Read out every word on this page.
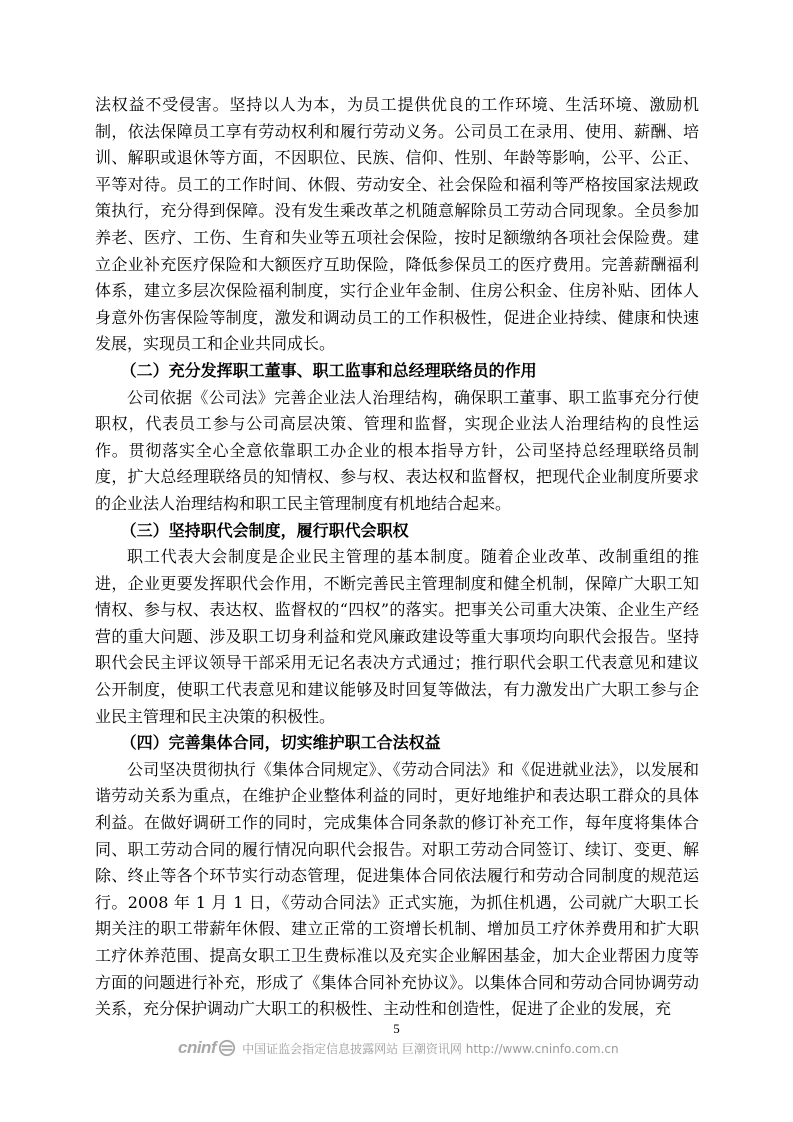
法权益不受侵害。坚持以人为本，为员工提供优良的工作环境、生活环境、激励机制，依法保障员工享有劳动权利和履行劳动义务。公司员工在录用、使用、薪酬、培训、解职或退休等方面，不因职位、民族、信仰、性别、年龄等影响，公平、公正、平等对待。员工的工作时间、休假、劳动安全、社会保险和福利等严格按国家法规政策执行，充分得到保障。没有发生乘改革之机随意解除员工劳动合同现象。全员参加养老、医疗、工伤、生育和失业等五项社会保险，按时足额缴纳各项社会保险费。建立企业补充医疗保险和大额医疗互助保险，降低参保员工的医疗费用。完善薪酬福利体系，建立多层次保险福利制度，实行企业年金制、住房公积金、住房补贴、团体人身意外伤害保险等制度，激发和调动员工的工作积极性，促进企业持续、健康和快速发展，实现员工和企业共同成长。

（二）充分发挥职工董事、职工监事和总经理联络员的作用

公司依据《公司法》完善企业法人治理结构，确保职工董事、职工监事充分行使职权，代表员工参与公司高层决策、管理和监督，实现企业法人治理结构的良性运作。贯彻落实全心全意依靠职工办企业的根本指导方针，公司坚持总经理联络员制度，扩大总经理联络员的知情权、参与权、表达权和监督权，把现代企业制度所要求的企业法人治理结构和职工民主管理制度有机地结合起来。

（三）坚持职代会制度，履行职代会职权

职工代表大会制度是企业民主管理的基本制度。随着企业改革、改制重组的推进，企业更要发挥职代会作用，不断完善民主管理制度和健全机制，保障广大职工知情权、参与权、表达权、监督权的“四权”的落实。把事关公司重大决策、企业生产经营的重大问题、涉及职工切身利益和党风廉政建设等重大事项均向职代会报告。坚持职代会民主评议领导干部采用无记名表决方式通过；推行职代会职工代表意见和建议公开制度，使职工代表意见和建议能够及时回复等做法，有力激发出广大职工参与企业民主管理和民主决策的积极性。

（四）完善集体合同，切实维护职工合法权益

公司坚决贯彻执行《集体合同规定》、《劳动合同法》和《促进就业法》，以发展和谐劳动关系为重点，在维护企业整体利益的同时，更好地维护和表达职工群众的具体利益。在做好调研工作的同时，完成集体合同条款的修订补充工作，每年度将集体合同、职工劳动合同的履行情况向职代会报告。对职工劳动合同签订、续订、变更、解除、终止等各个环节实行动态管理，促进集体合同依法履行和劳动合同制度的规范运行。2008 年 1 月 1 日，《劳动合同法》正式实施，为抓住机遇，公司就广大职工长期关注的职工带薪年休假、建立正常的工资增长机制、增加员工疗休养费用和扩大职工疗休养范围、提高女职工卫生费标准以及充实企业解困基金，加大企业帮困力度等方面的问题进行补充，形成了《集体合同补充协议》。以集体合同和劳动合同协调劳动关系，充分保护调动广大职工的积极性、主动性和创造性，促进了企业的发展，充

5
cninf 中国证监会指定信息披露网站 巨潮资讯网 http://www.cninfo.com.cn
